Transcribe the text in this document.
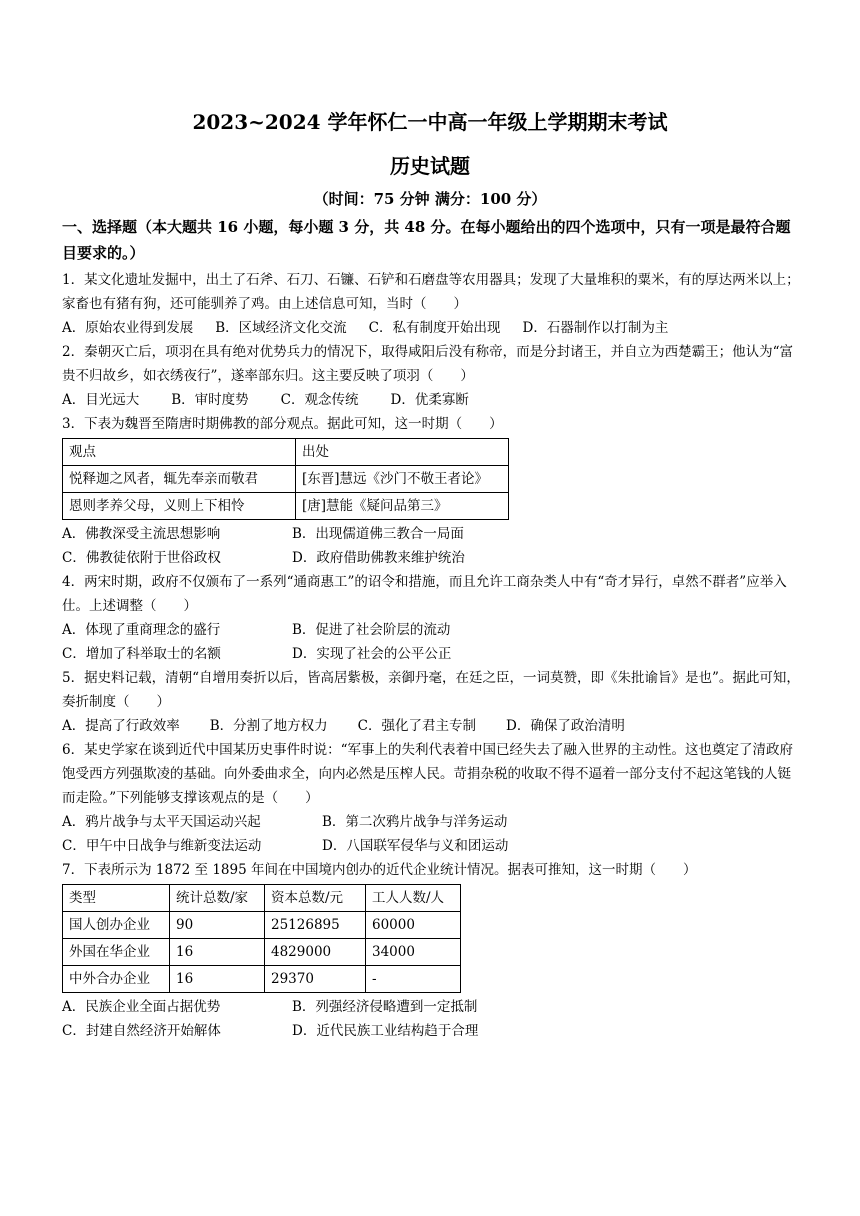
2023~2024 学年怀仁一中高一年级上学期期末考试
历史试题
（时间：75 分钟 满分：100 分）
一、选择题（本大题共 16 小题，每小题 3 分，共 48 分。在每小题给出的四个选项中，只有一项是最符合题目要求的。）

1．某文化遗址发掘中，出土了石斧、石刀、石镰、石铲和石磨盘等农用器具；发现了大量堆积的粟米，有的厚达两米以上；家畜也有猪有狗，还可能驯养了鸡。由上述信息可知，当时（　　）

A．原始农业得到发展 B．区域经济文化交流 C．私有制度开始出现 D．石器制作以打制为主

2．秦朝灭亡后，项羽在具有绝对优势兵力的情况下，取得咸阳后没有称帝，而是分封诸王，并自立为西楚霸王；他认为“富贵不归故乡，如衣绣夜行”，遂率部东归。这主要反映了项羽（　　）

A．目光远大 B．审时度势 C．观念传统 D．优柔寡断

3．下表为魏晋至隋唐时期佛教的部分观点。据此可知，这一时期（　　）

观点	出处
悦释迦之风者，辄先奉亲而敬君	[东晋]慧远《沙门不敬王者论》
恩则孝养父母，义则上下相怜	[唐]慧能《疑问品第三》
A．佛教深受主流思想影响	B．出现儒道佛三教合一局面
C．佛教徒依附于世俗政权	D．政府借助佛教来维护统治

4．两宋时期，政府不仅颁布了一系列“通商惠工”的诏令和措施，而且允许工商杂类人中有“奇才异行，卓然不群者”应举入仕。上述调整（　　）

A．体现了重商理念的盛行	B．促进了社会阶层的流动
C．增加了科举取士的名额	D．实现了社会的公平公正

5．据史料记载，清朝“自增用奏折以后，皆高居紫极，亲御丹毫，在廷之臣，一词莫赞，即《朱批谕旨》是也”。据此可知，奏折制度（　　）

A．提高了行政效率 B．分割了地方权力 C．强化了君主专制 D．确保了政治清明

6．某史学家在谈到近代中国某历史事件时说：“军事上的失利代表着中国已经失去了融入世界的主动性。这也奠定了清政府饱受西方列强欺凌的基础。向外委曲求全，向内必然是压榨人民。苛捐杂税的收取不得不逼着一部分支付不起这笔钱的人铤而走险。”下列能够支撑该观点的是（　　）

A．鸦片战争与太平天国运动兴起	B．第二次鸦片战争与洋务运动
C．甲午中日战争与维新变法运动	D．八国联军侵华与义和团运动

7．下表所示为 1872 至 1895 年间在中国境内创办的近代企业统计情况。据表可推知，这一时期（　　）

类型	统计总数/家	资本总数/元	工人人数/人
国人创办企业	90	25126895	60000
外国在华企业	16	4829000	34000
中外合办企业	16	29370	-
A．民族企业全面占据优势	B．列强经济侵略遭到一定抵制
C．封建自然经济开始解体	D．近代民族工业结构趋于合理
